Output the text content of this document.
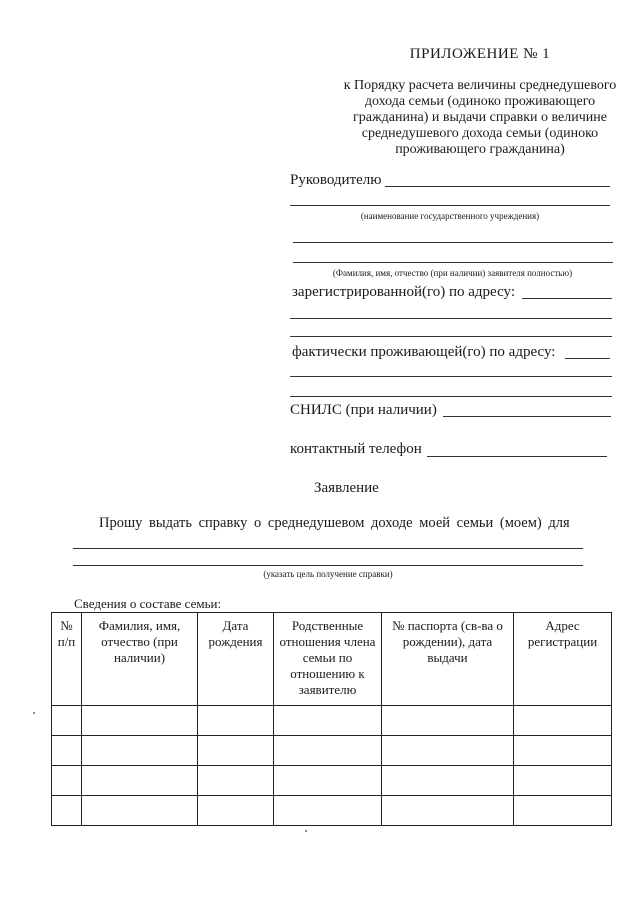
ПРИЛОЖЕНИЕ № 1
к Порядку расчета величины среднедушевого дохода семьи (одиноко проживающего гражданина) и выдачи справки о величине среднедушевого дохода семьи (одиноко проживающего гражданина)
Руководителю
(наименование государственного учреждения)
(Фамилия, имя, отчество (при наличии) заявителя полностью)
зарегистрированной(го) по адресу:
фактически проживающей(го) по адресу:
СНИЛС (при наличии)
контактный телефон
Заявление
Прошу выдать справку о среднедушевом доходе моей семьи (моем) для
(указать цель получение справки)
Сведения о составе семьи:
№ п/п	Фамилия, имя, отчество (при наличии)	Дата рождения	Родственные отношения члена семьи по отношению к заявителю	№ паспорта (св-ва о рождении), дата выдачи	Адрес регистрации
